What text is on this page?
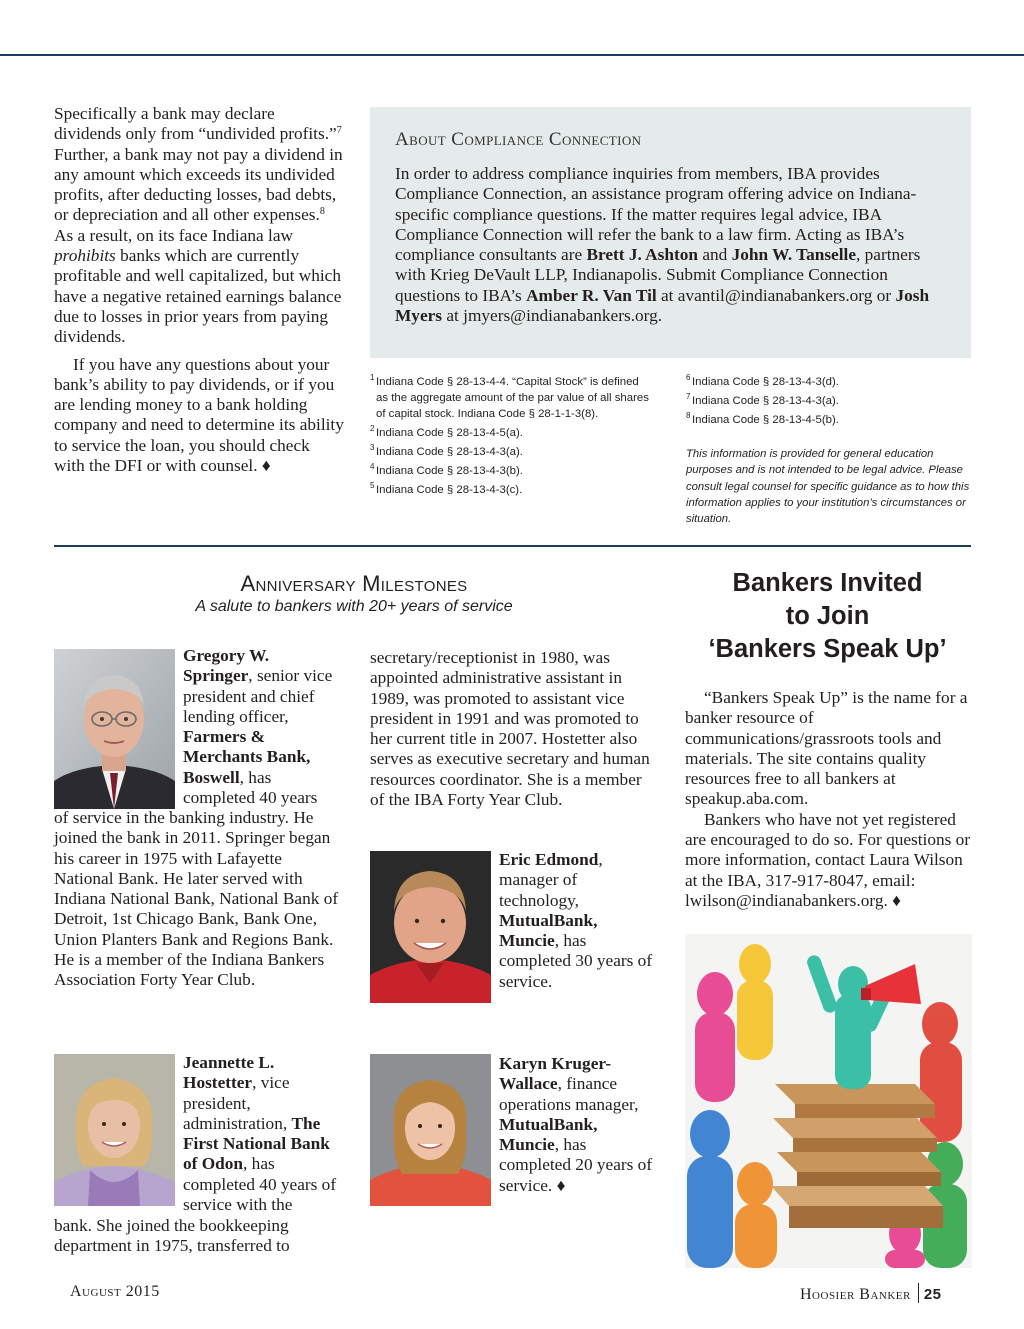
Specifically a bank may declare dividends only from “undivided profits.”$^7$ Further, a bank may not pay a dividend in any amount which exceeds its undivided profits, after deducting losses, bad debts, or depreciation and all other expenses.$^8$ As a result, on its face Indiana law prohibits banks which are currently profitable and well capitalized, but which have a negative retained earnings balance due to losses in prior years from paying dividends.

If you have any questions about your bank’s ability to pay dividends, or if you are lending money to a bank holding company and need to determine its ability to service the loan, you should check with the DFI or with counsel. ♦

About Compliance Connection
In order to address compliance inquiries from members, IBA provides Compliance Connection, an assistance program offering advice on Indiana-specific compliance questions. If the matter requires legal advice, IBA Compliance Connection will refer the bank to a law firm. Acting as IBA’s compliance consultants are Brett J. Ashton and John W. Tanselle, partners with Krieg DeVault LLP, Indianapolis. Submit Compliance Connection questions to IBA’s Amber R. Van Til at avantil@indianabankers.org or Josh Myers at jmyers@indianabankers.org.
1 Indiana Code § 28-13-4-4. “Capital Stock” is defined as the aggregate amount of the par value of all shares of capital stock. Indiana Code § 28-1-1-3(8).
2 Indiana Code § 28-13-4-5(a).
3 Indiana Code § 28-13-4-3(a).
4 Indiana Code § 28-13-4-3(b).
5 Indiana Code § 28-13-4-3(c).
6 Indiana Code § 28-13-4-3(d).
7 Indiana Code § 28-13-4-3(a).
8 Indiana Code § 28-13-4-5(b).
This information is provided for general education purposes and is not intended to be legal advice. Please consult legal counsel for specific guidance as to how this information applies to your institution’s circumstances or situation.
Anniversary Milestones
A salute to bankers with 20+ years of service
Gregory W. Springer, senior vice president and chief lending officer, Farmers & Merchants Bank, Boswell, has completed 40 years
of service in the banking industry. He joined the bank in 2011. Springer began his career in 1975 with Lafayette National Bank. He later served with Indiana National Bank, National Bank of Detroit, 1st Chicago Bank, Bank One, Union Planters Bank and Regions Bank. He is a member of the Indiana Bankers Association Forty Year Club.
Jeannette L. Hostetter, vice president, administration, The First National Bank of Odon, has completed 40 years of service with the
bank. She joined the bookkeeping department in 1975, transferred to
secretary/receptionist in 1980, was appointed administrative assistant in 1989, was promoted to assistant vice president in 1991 and was promoted to her current title in 2007. Hostetter also serves as executive secretary and human resources coordinator. She is a member of the IBA Forty Year Club.
Eric Edmond, manager of technology, MutualBank, Muncie, has completed 30 years of service.
Karyn Kruger-Wallace, finance operations manager, MutualBank, Muncie, has completed 20 years of service. ♦
Bankers Invited
to Join
‘Bankers Speak Up’

“Bankers Speak Up” is the name for a banker resource of communications/grassroots tools and materials. The site contains quality resources free to all bankers at speakup.aba.com.

Bankers who have not yet registered are encouraged to do so. For questions or more information, contact Laura Wilson at the IBA, 317-917-8047, email: lwilson@indianabankers.org. ♦

August 2015	Hoosier Banker 25
